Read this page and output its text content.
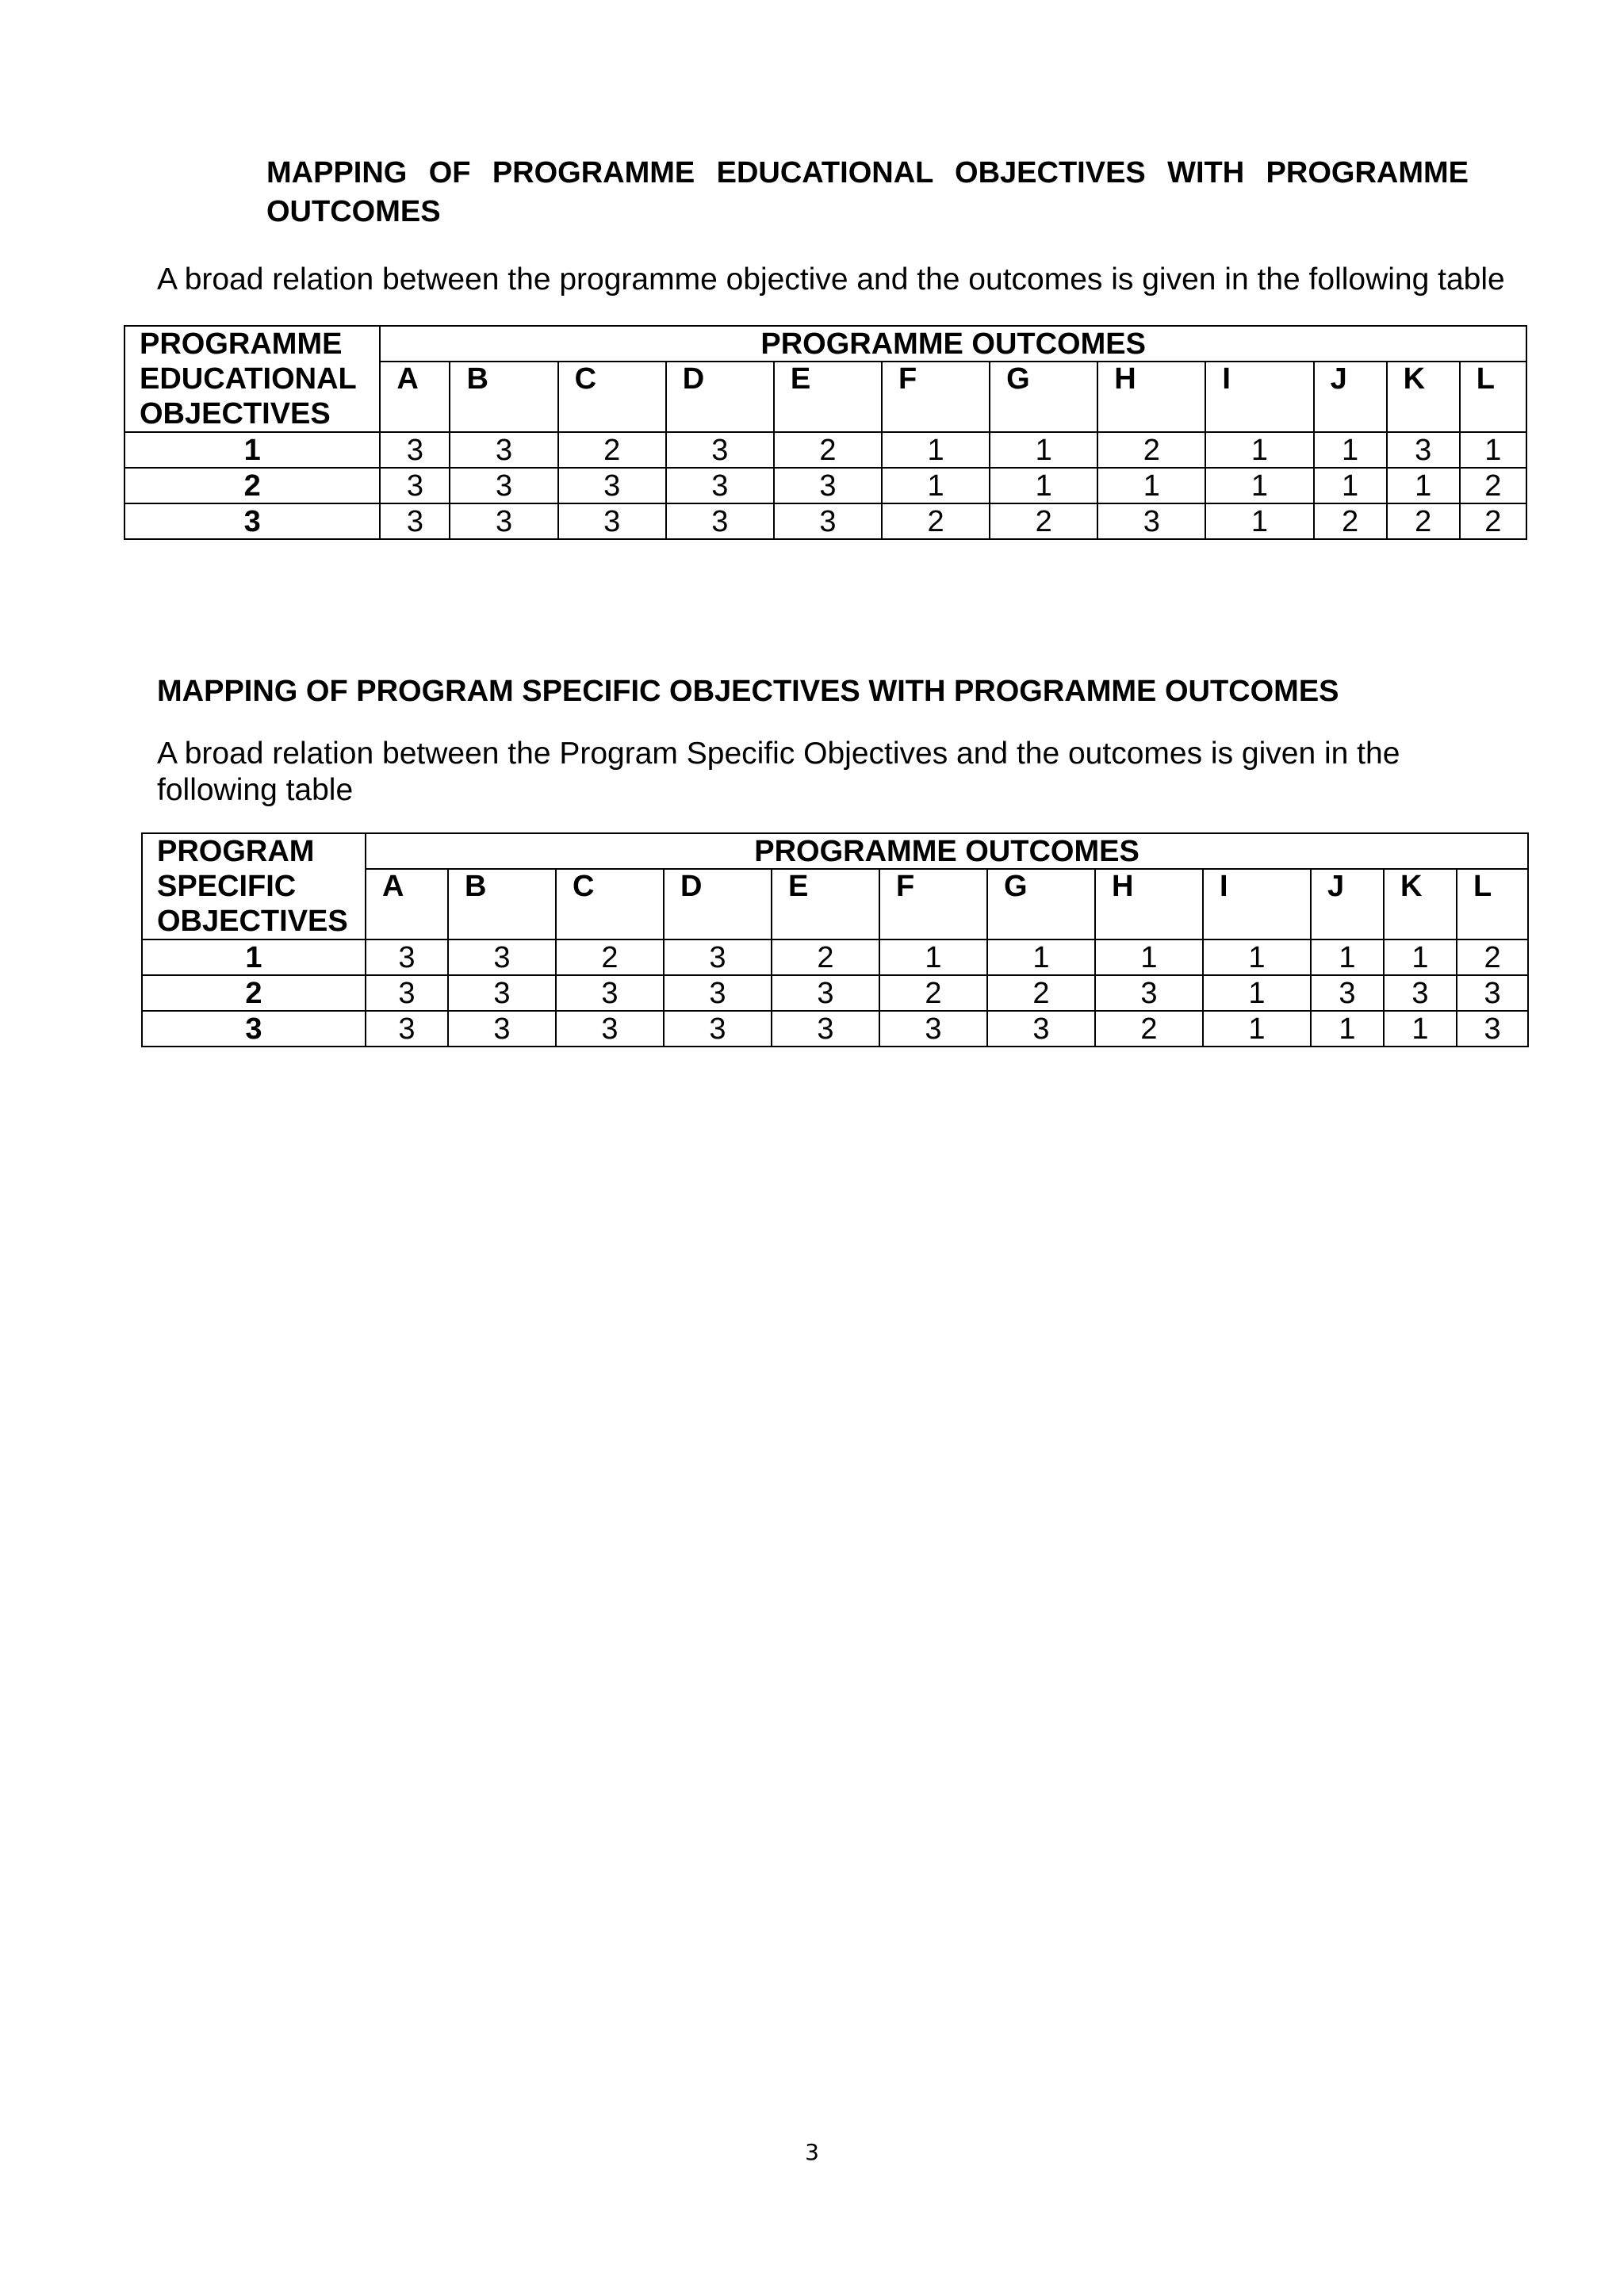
MAPPING OF PROGRAMME EDUCATIONAL OBJECTIVES WITH PROGRAMME OUTCOMES

A broad relation between the programme objective and the outcomes is given in the following table

PROGRAMME EDUCATIONAL OBJECTIVES	PROGRAMME OUTCOMES											
	A	B	C	D	E	F	G	H	I	J	K	L
1	3	3	2	3	2	1	1	2	1	1	3	1
2	3	3	3	3	3	1	1	1	1	1	1	2
3	3	3	3	3	3	2	2	3	1	2	2	2
MAPPING OF PROGRAM SPECIFIC OBJECTIVES WITH PROGRAMME OUTCOMES

A broad relation between the Program Specific Objectives and the outcomes is given in the following table

PROGRAM SPECIFIC OBJECTIVES	PROGRAMME OUTCOMES											
	A	B	C	D	E	F	G	H	I	J	K	L
1	3	3	2	3	2	1	1	1	1	1	1	2
2	3	3	3	3	3	2	2	3	1	3	3	3
3	3	3	3	3	3	3	3	2	1	1	1	3
3
